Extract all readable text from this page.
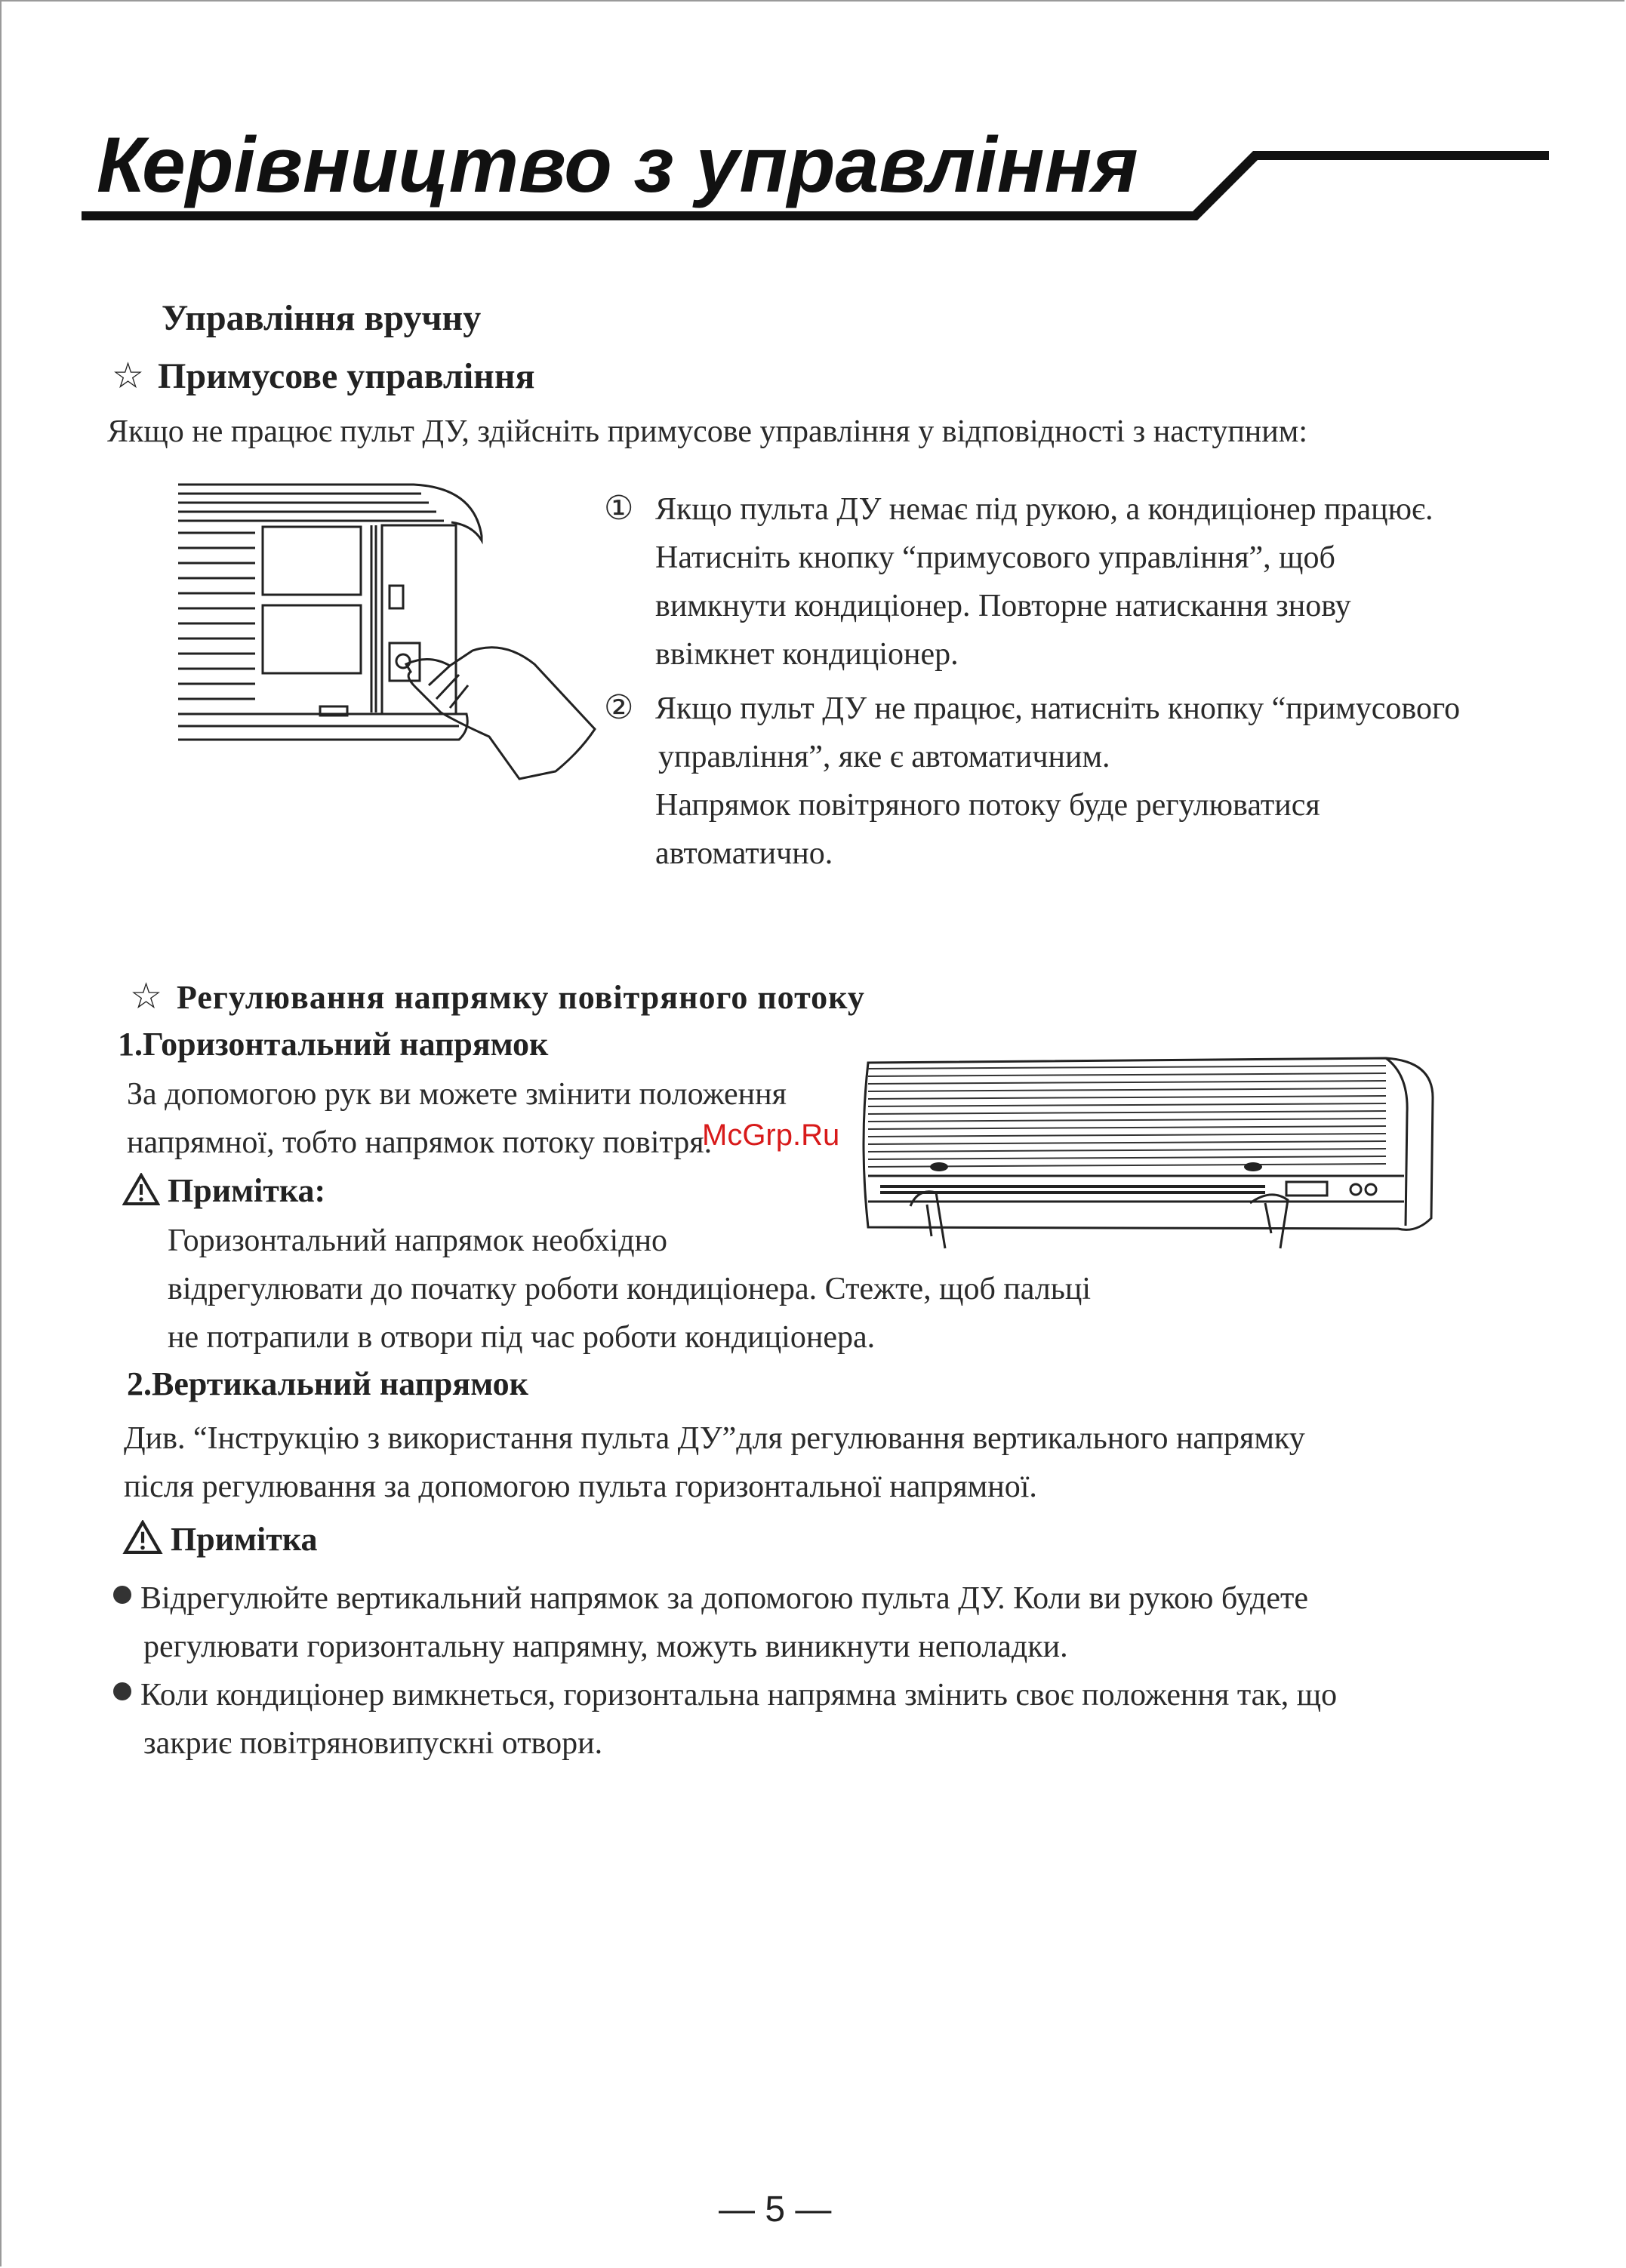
Керівництво з управління
Управління вручну
☆ Примусове управління
Якщо не працює пульт ДУ, здійсніть примусове управління у відповідності з наступним:
① Якщо пульта ДУ немає під рукою, а кондиціонер працює.
Натисніть кнопку “примусового управління”, щоб
вимкнути кондиціонер. Повторне натискання знову
ввімкнет кондиціонер.
② Якщо пульт ДУ не працює, натисніть кнопку “примусового
управління”, яке є автоматичним.
Напрямок повітряного потоку буде регулюватися
автоматично.
☆ Регулювання напрямку повітряного потоку
1.Горизонтальний напрямок
За допомогою рук ви можете змінити положення
напрямної, тобто напрямок потоку повітря.
McGrp.Ru
Примітка:
Горизонтальний напрямок необхідно
відрегулювати до початку роботи кондиціонера. Стежте, щоб пальці
не потрапили в отвори під час роботи кондиціонера.
2.Вертикальний напрямок
Див. “Інструкцію з використання пульта ДУ”для регулювання вертикального напрямку
після регулювання за допомогою пульта горизонтальної напрямної.
Примітка
Відрегулюйте вертикальний напрямок за допомогою пульта ДУ. Коли ви рукою будете
регулювати горизонтальну напрямну, можуть виникнути неполадки.
Коли кондиціонер вимкнеться, горизонтальна напрямна змінить своє положення так, що
закриє повітряновипускні отвори.
— 5 —
